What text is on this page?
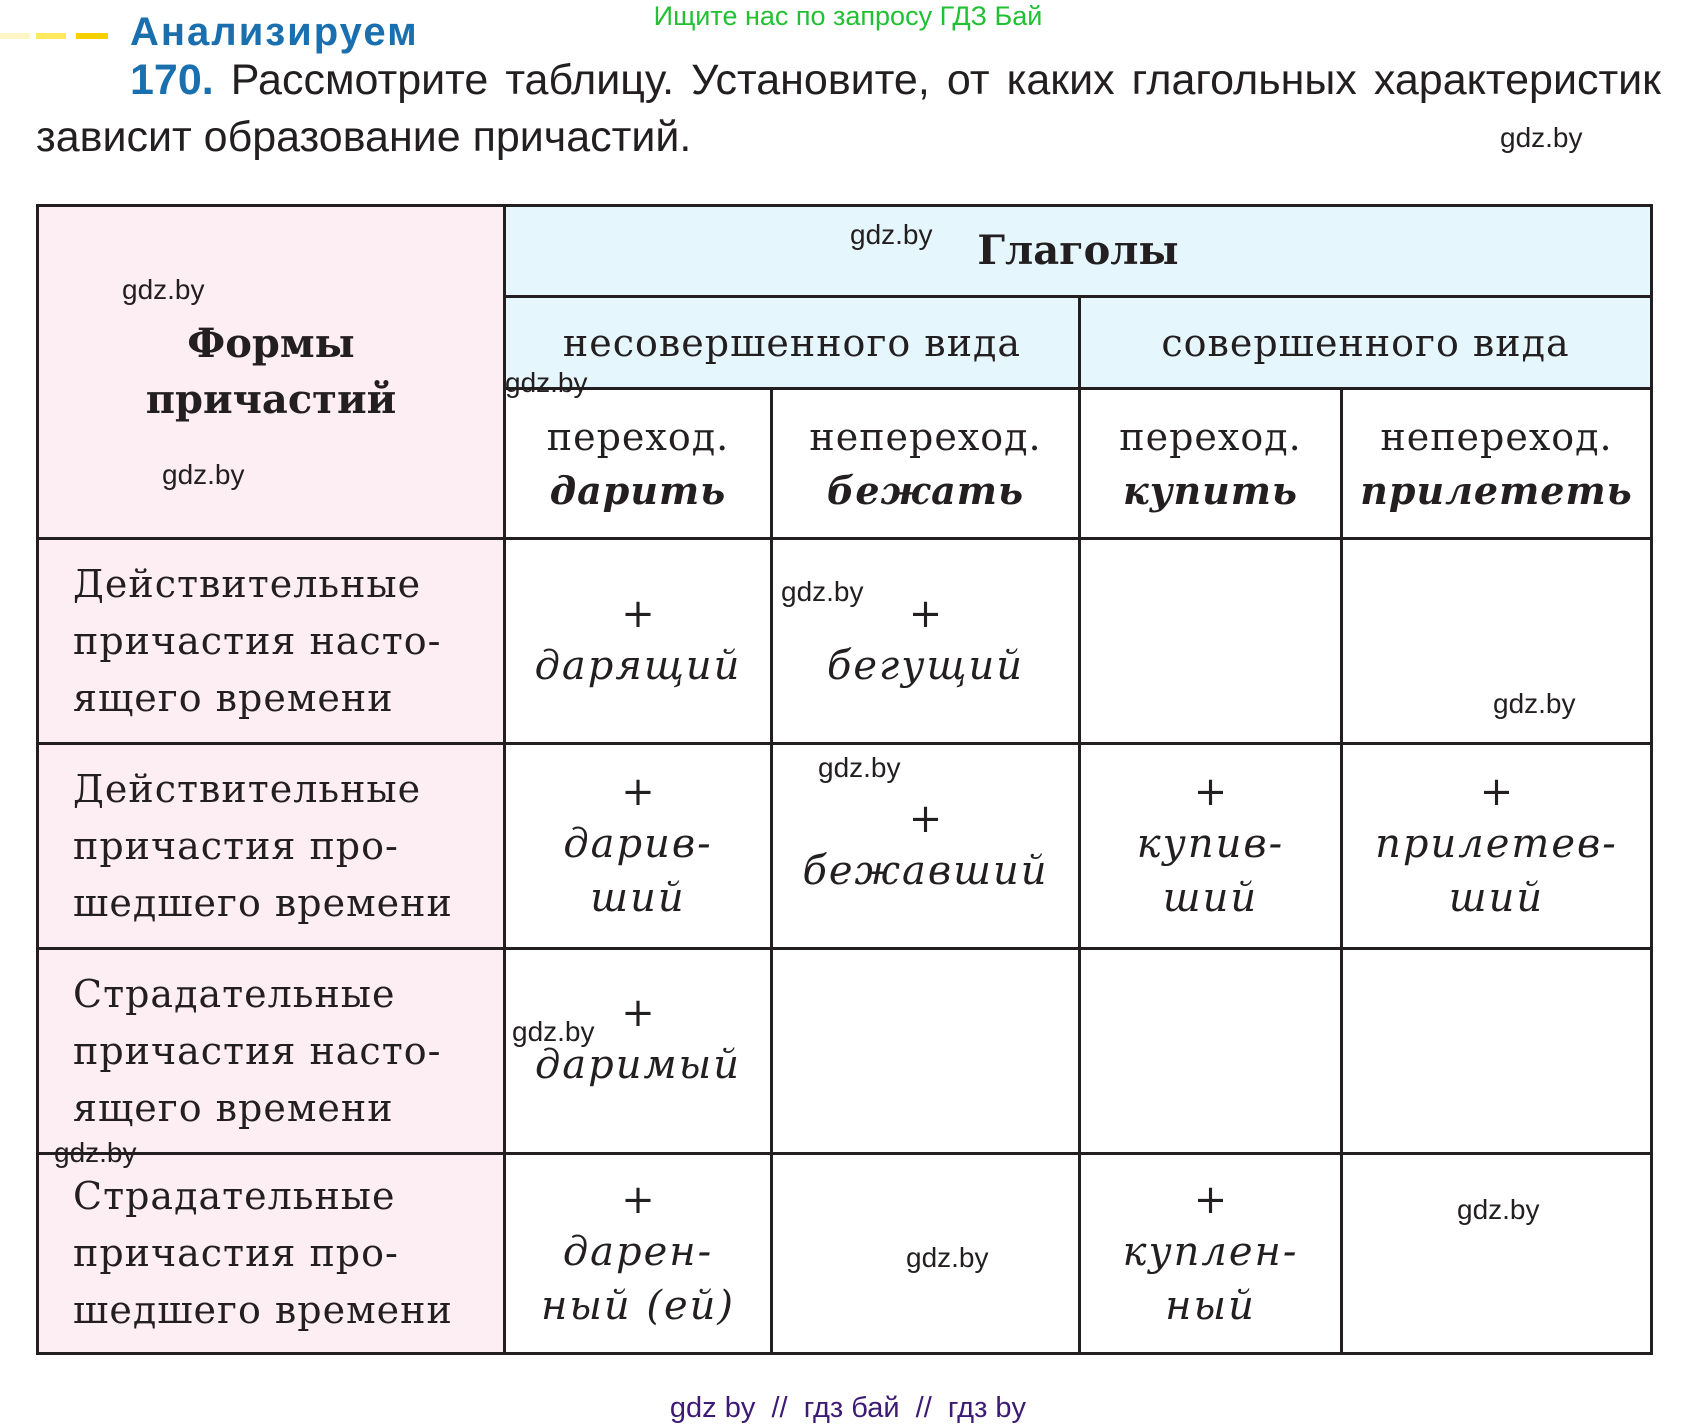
Ищите нас по запросу ГДЗ Бай
Анализируем
170. Рассмотрите таблицу. Установите, от каких глагольных характеристик зависит образование причастий.	gdz.by
Формы
причастий
Глаголы
несовершенного вида	совершенного вида
переход.
дарить
непереход.
бежать
переход.
купить
непереход.
прилететь
Действительные
причастия насто-
ящего времени
+
дарящий
+
бегущий
Действительные
причастия про-
шедшего времени
+
дарив-
ший
+
бежавший
+
купив-
ший
+
прилетев-
ший
Страдательные
причастия насто-
ящего времени
+
даримый
Страдательные
причастия про-
шедшего времени
+
дарен-
ный (ей)
+
куплен-
ный
gdz.by
gdz.by
gdz.by
gdz.by
gdz.by
gdz.by
gdz.by
gdz.by
gdz.by
gdz.by
gdz.by
gdz by  //  гдз бай  //  гдз by
